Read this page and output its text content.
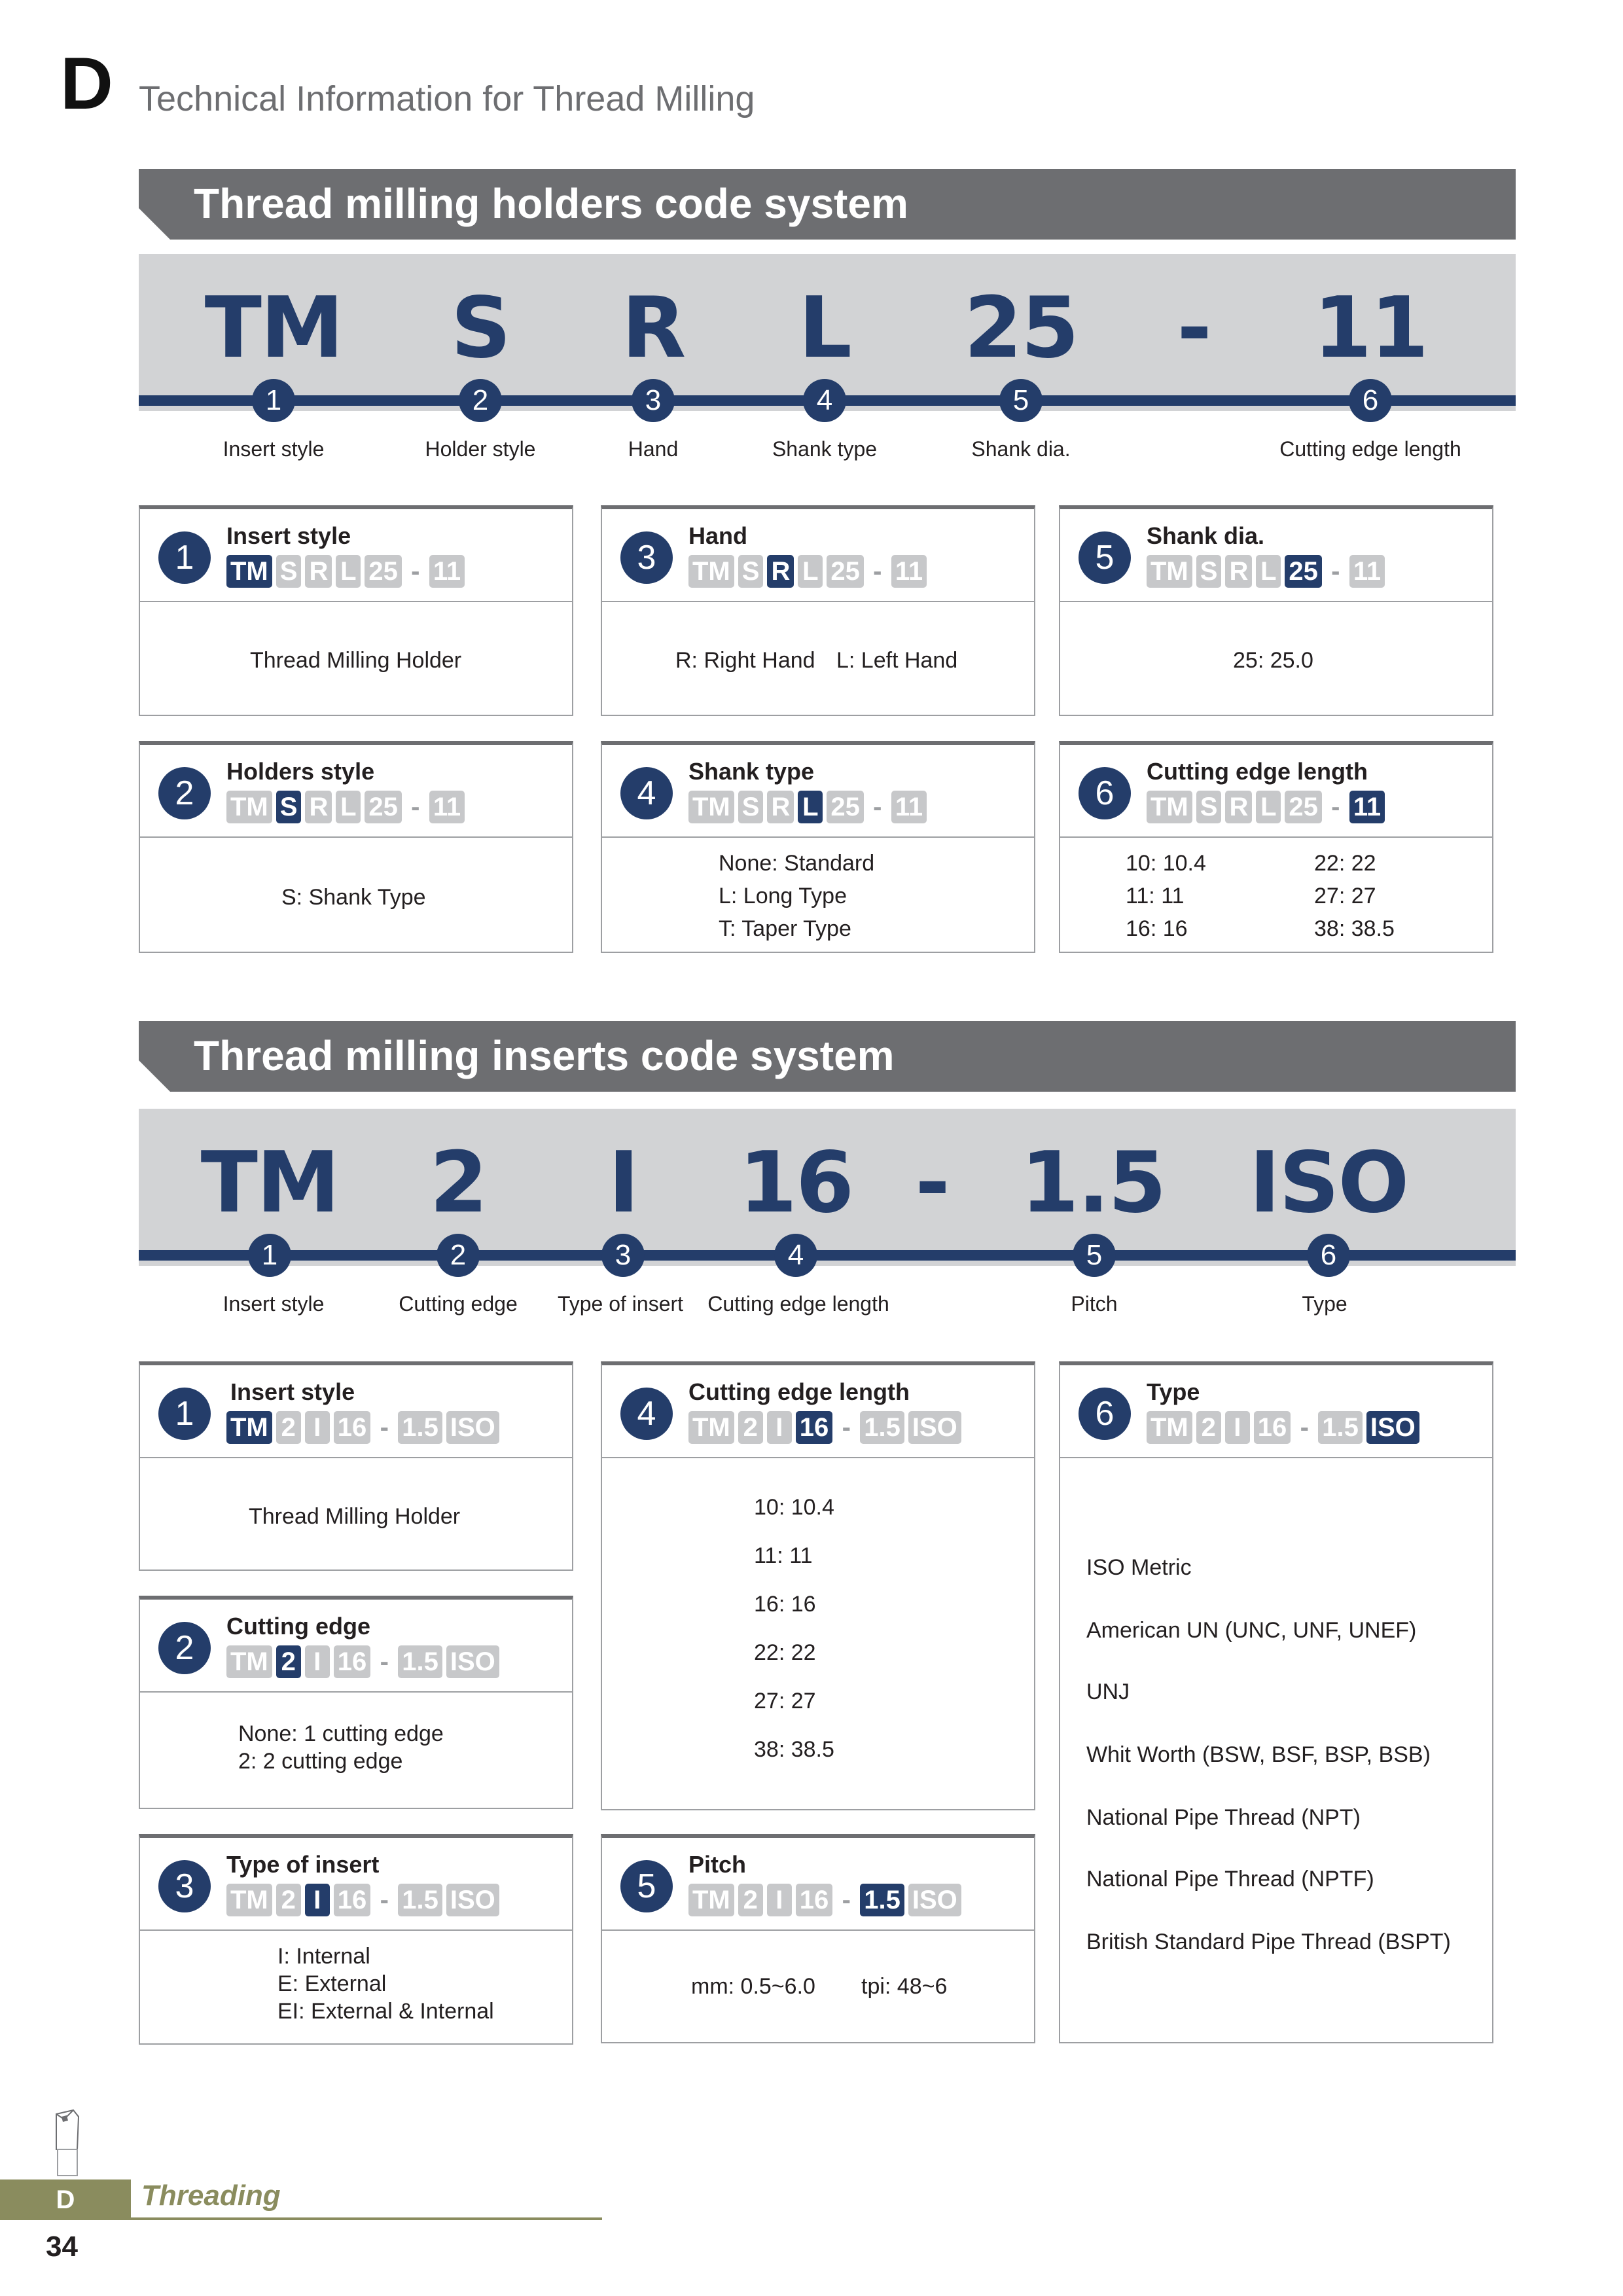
D Technical Information for Thread Milling
Thread milling holders code system
TM S R L 25 - 11
1	2	3	4	5	6
Insert style	Holder style	Hand	Shank type	Shank dia.	Cutting edge length
1
Insert style
TM S R L 25 - 11
Thread Milling Holder
3
Hand
TM S R L 25 - 11
R: Right Hand L: Left Hand
5
Shank dia.
TM S R L 25 - 11
25: 25.0
2
Holders style
TM S R L 25 - 11
S: Shank Type
4
Shank type
TM S R L 25 - 11
None: Standard
L: Long Type
T: Taper Type
6
Cutting edge length
TM S R L 25 - 11
10: 10.4
11: 11
16: 16
22: 22
27: 27
38: 38.5
Thread milling inserts code system
TM 2 I 16 - 1.5 ISO
1	2	3	4	5	6
Insert style	Cutting edge Type of insert Cutting edge length	Pitch	Type
1
Insert style
TM 2 I 16 - 1.5 ISO
Thread Milling Holder
4
Cutting edge length
TM 2 I 16 - 1.5 ISO
10: 10.4
11: 11
16: 16
22: 22
27: 27
38: 38.5
6
Type
TM 2 I 16 - 1.5 ISO
ISO Metric
American UN (UNC, UNF, UNEF)
UNJ
Whit Worth (BSW, BSF, BSP, BSB)
National Pipe Thread (NPT)
National Pipe Thread (NPTF)
British Standard Pipe Thread (BSPT)
2
Cutting edge
TM 2 I 16 - 1.5 ISO
None: 1 cutting edge
2: 2 cutting edge
3
Type of insert
TM 2 I 16 - 1.5 ISO
I: Internal
E: External
EI: External & Internal
5
Pitch
TM 2 I 16 - 1.5 ISO
mm: 0.5~6.0 tpi: 48~6
D	Threading
34
